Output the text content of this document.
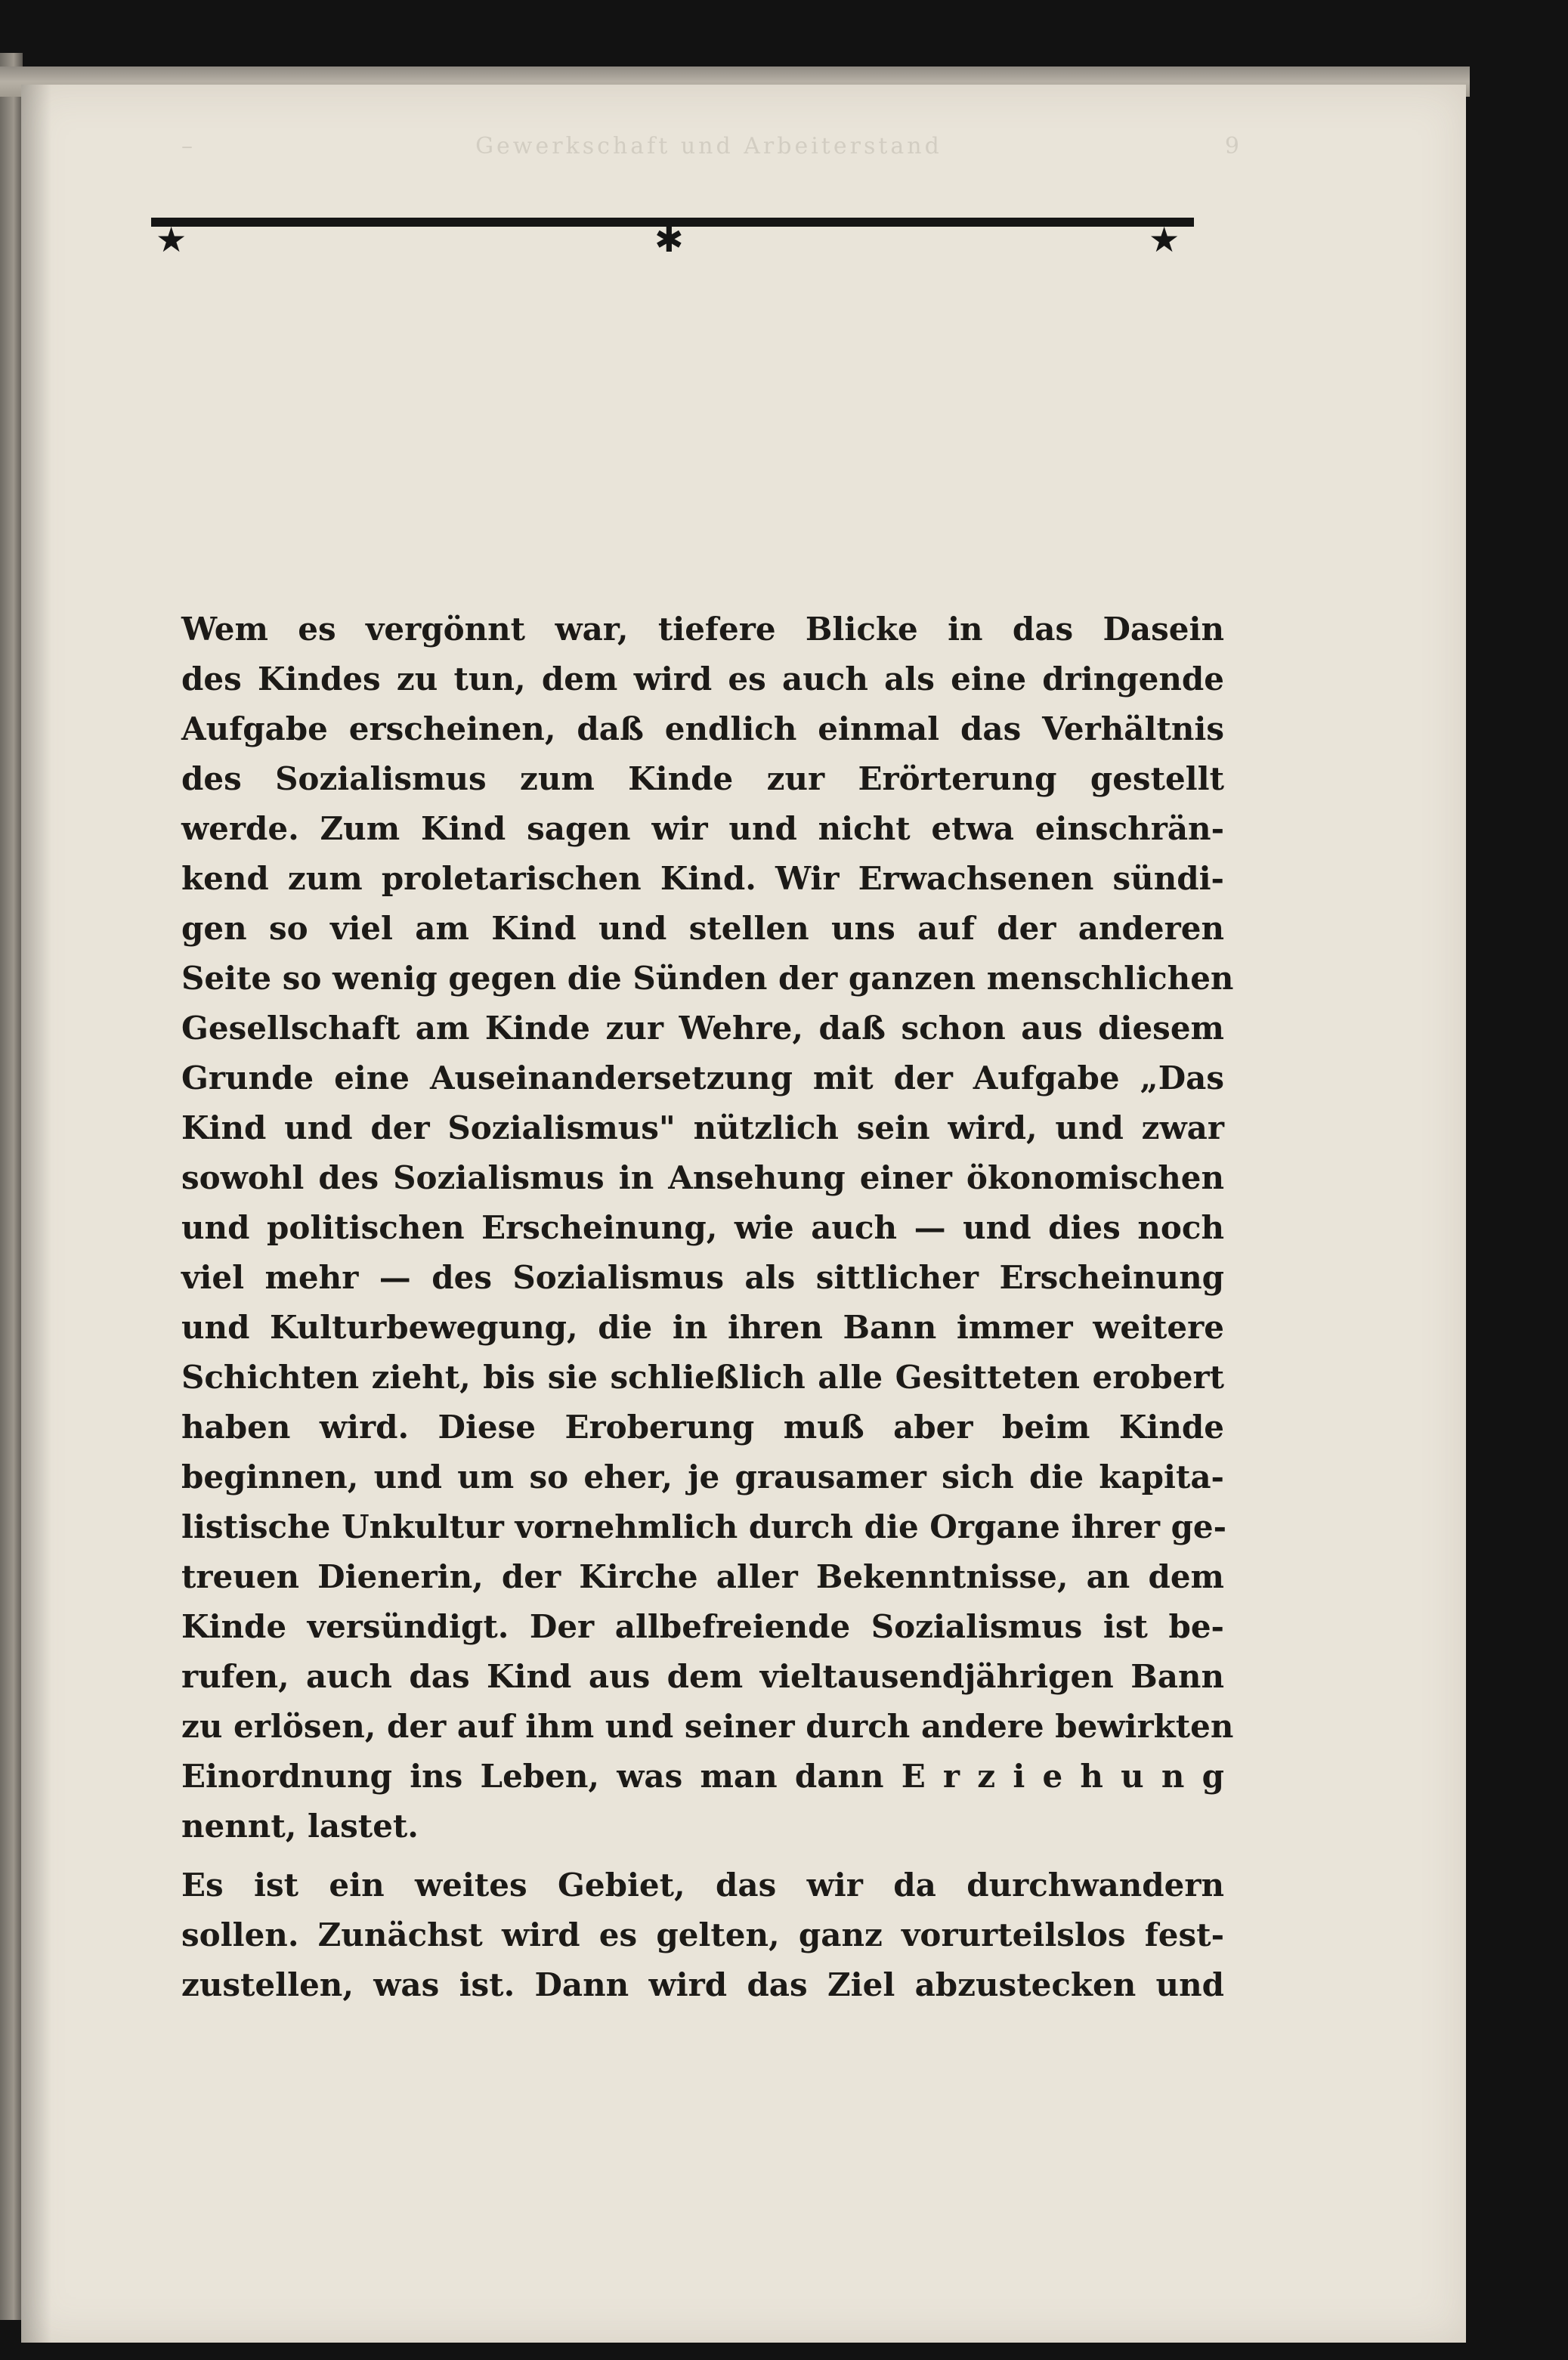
–	Gewerkschaft und Arbeiterstand	9
★	✱	★
Wem es vergönnt war, tiefere Blicke in das Dasein
des Kindes zu tun, dem wird es auch als eine dringende
Aufgabe erscheinen, daß endlich einmal das Verhältnis
des Sozialismus zum Kinde zur Erörterung gestellt
werde. Zum Kind sagen wir und nicht etwa einschrän-
kend zum proletarischen Kind. Wir Erwachsenen sündi-
gen so viel am Kind und stellen uns auf der anderen
Seite so wenig gegen die Sünden der ganzen menschlichen
Gesellschaft am Kinde zur Wehre, daß schon aus diesem
Grunde eine Auseinandersetzung mit der Aufgabe „Das
Kind und der Sozialismus" nützlich sein wird, und zwar
sowohl des Sozialismus in Ansehung einer ökonomischen
und politischen Erscheinung, wie auch — und dies noch
viel mehr — des Sozialismus als sittlicher Erscheinung
und Kulturbewegung, die in ihren Bann immer weitere
Schichten zieht, bis sie schließlich alle Gesitteten erobert
haben wird. Diese Eroberung muß aber beim Kinde
beginnen, und um so eher, je grausamer sich die kapita-
listische Unkultur vornehmlich durch die Organe ihrer ge-
treuen Dienerin, der Kirche aller Bekenntnisse, an dem
Kinde versündigt. Der allbefreiende Sozialismus ist be-
rufen, auch das Kind aus dem vieltausendjährigen Bann
zu erlösen, der auf ihm und seiner durch andere bewirkten
Einordnung ins Leben, was man dann E r z i e h u n g
nennt, lastet.
Es ist ein weites Gebiet, das wir da durchwandern
sollen. Zunächst wird es gelten, ganz vorurteilslos fest-
zustellen, was ist. Dann wird das Ziel abzustecken und
